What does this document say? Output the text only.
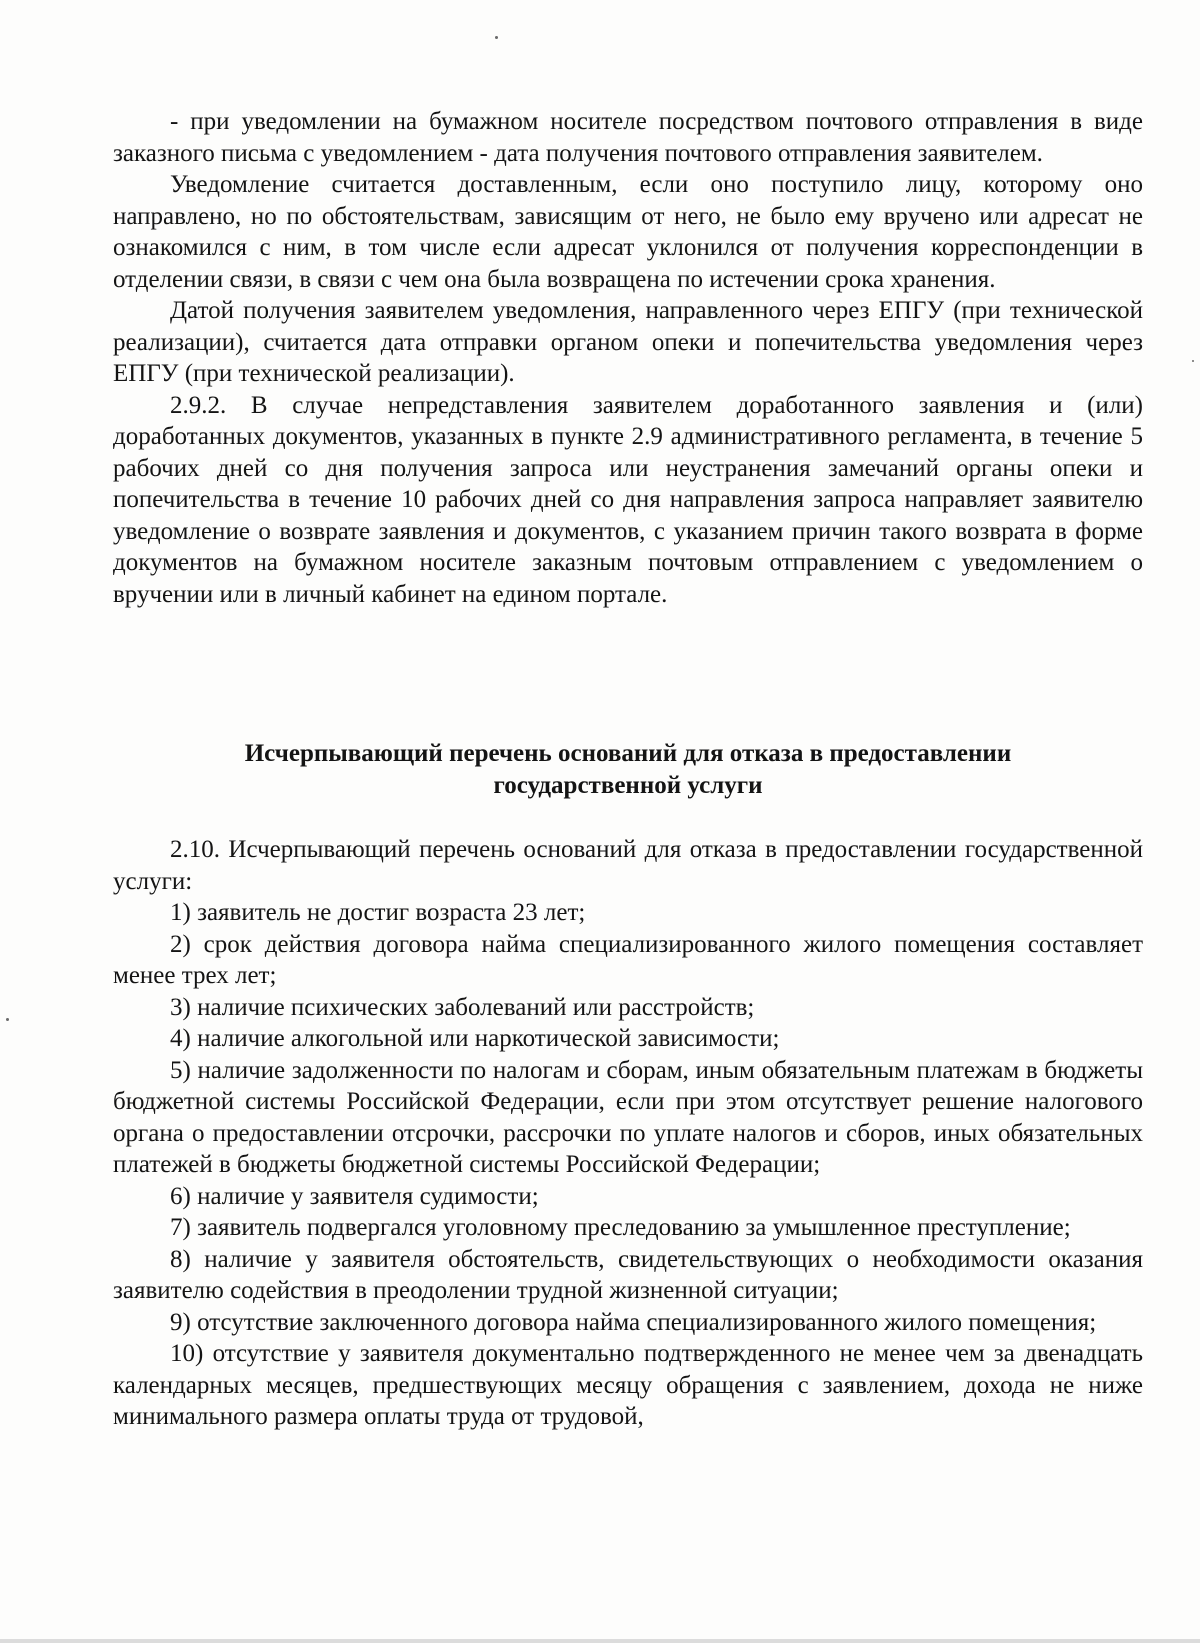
- при уведомлении на бумажном носителе посредством почтового отправления в виде заказного письма с уведомлением - дата получения почтового отправления заявителем.

Уведомление считается доставленным, если оно поступило лицу, которому оно направлено, но по обстоятельствам, зависящим от него, не было ему вручено или адресат не ознакомился с ним, в том числе если адресат уклонился от получения корреспонденции в отделении связи, в связи с чем она была возвращена по истечении срока хранения.

Датой получения заявителем уведомления, направленного через ЕПГУ (при технической реализации), считается дата отправки органом опеки и попечительства уведомления через ЕПГУ (при технической реализации).

2.9.2. В случае непредставления заявителем доработанного заявления и (или) доработанных документов, указанных в пункте 2.9 административного регламента, в течение 5 рабочих дней со дня получения запроса или неустранения замечаний органы опеки и попечительства в течение 10 рабочих дней со дня направления запроса направляет заявителю уведомление о возврате заявления и документов, с указанием причин такого возврата в форме документов на бумажном носителе заказным почтовым отправлением с уведомлением о вручении или в личный кабинет на едином портале.

Исчерпывающий перечень оснований для отказа в предоставлении
государственной услуги

2.10. Исчерпывающий перечень оснований для отказа в предоставлении государственной услуги:

1) заявитель не достиг возраста 23 лет;

2) срок действия договора найма специализированного жилого помещения составляет менее трех лет;

3) наличие психических заболеваний или расстройств;

4) наличие алкогольной или наркотической зависимости;

5) наличие задолженности по налогам и сборам, иным обязательным платежам в бюджеты бюджетной системы Российской Федерации, если при этом отсутствует решение налогового органа о предоставлении отсрочки, рассрочки по уплате налогов и сборов, иных обязательных платежей в бюджеты бюджетной системы Российской Федерации;

6) наличие у заявителя судимости;

7) заявитель подвергался уголовному преследованию за умышленное преступление;

8) наличие у заявителя обстоятельств, свидетельствующих о необходимости оказания заявителю содействия в преодолении трудной жизненной ситуации;

9) отсутствие заключенного договора найма специализированного жилого помещения;

10) отсутствие у заявителя документально подтвержденного не менее чем за двенадцать календарных месяцев, предшествующих месяцу обращения с заявлением, дохода не ниже минимального размера оплаты труда от трудовой,
